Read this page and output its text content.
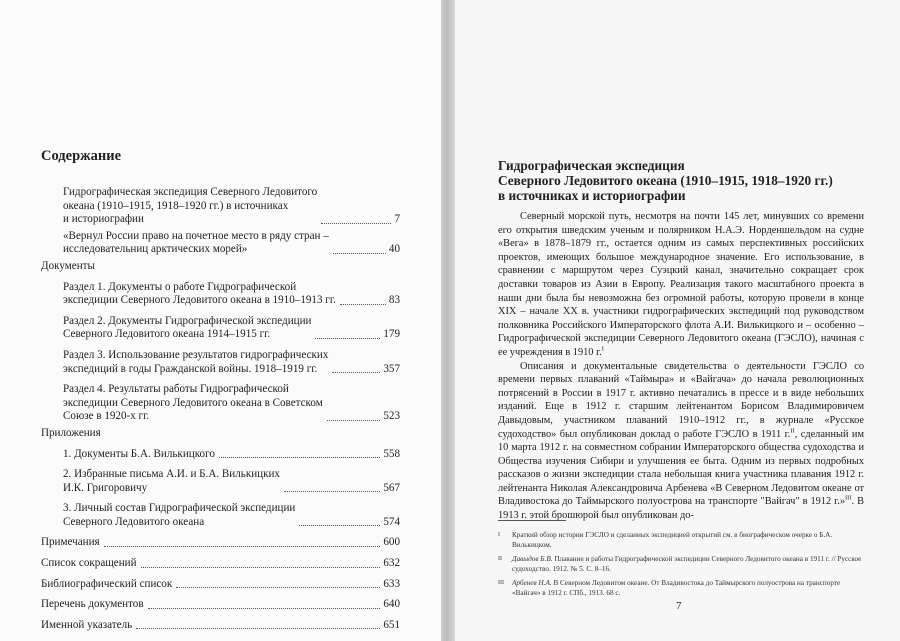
Содержание
Гидрографическая экспедиция Северного Ледовитого
океана (1910–1915, 1918–1920 гг.) в источниках
и историографии	7
«Вернул России право на почетное место в ряду стран –
исследовательниц арктических морей»	40
Документы
Раздел 1. Документы о работе Гидрографической
экспедиции Северного Ледовитого океана в 1910–1913 гг.	83
Раздел 2. Документы Гидрографической экспедиции
Северного Ледовитого океана 1914–1915 гг.	179
Раздел 3. Использование результатов гидрографических
экспедиций в годы Гражданской войны. 1918–1919 гг.	357
Раздел 4. Результаты работы Гидрографической
экспедиции Северного Ледовитого океана в Советском
Союзе в 1920-х гг.	523
Приложения
1. Документы Б.А. Вилькицкого	558
2. Избранные письма А.И. и Б.А. Вилькицких
И.К. Григоровичу	567
3. Личный состав Гидрографической экспедиции
Северного Ледовитого океана	574
Примечания	600
Список сокращений	632
Библиографический список	633
Перечень документов	640
Именной указатель	651
Гидрографическая экспедиция
Северного Ледовитого океана (1910–1915, 1918–1920 гг.)
в источниках и историографии

Северный морской путь, несмотря на почти 145 лет, минувших со времени его открытия шведским ученым и полярником Н.А.Э. Норденшельдом на судне «Вега» в 1878–1879 гг., остается одним из самых перспективных российских проектов, имеющих большое международное значение. Его использование, в сравнении с маршрутом через Суэцкий канал, значительно сокращает срок доставки товаров из Азии в Европу. Реализация такого масштабного проекта в наши дни была бы невозможна без огромной работы, которую провели в конце XIX – начале XX в. участники гидрографических экспедиций под руководством полковника Российского Императорского флота А.И. Вилькицкого и – особенно – Гидрографической экспедиции Северного Ледовитого океана (ГЭСЛО), начиная с ее учреждения в 1910 г.$^I$

Описания и документальные свидетельства о деятельности ГЭСЛО со времени первых плаваний «Таймыра» и «Вайгача» до начала революционных потрясений в России в 1917 г. активно печатались в прессе и в виде небольших изданий. Еще в 1912 г. старшим лейтенантом Борисом Владимировичем Давыдовым, участником плаваний 1910–1912 гг., в журнале «Русское судоходство» был опубликован доклад о работе ГЭСЛО в 1911 г.$^{II}$, сделанный им 10 марта 1912 г. на совместном собрании Императорского общества судоходства и Общества изучения Сибири и улучшения ее быта. Одним из первых подробных рассказов о жизни экспедиции стала небольшая книга участника плавания 1912 г. лейтенанта Николая Александровича Арбенева «В Северном Ледовитом океане от Владивостока до Таймырского полуострова на транспорте "Вайгач" в 1912 г.»$^{III}$. В 1913 г. этой брошюрой был опубликован до-

I	Краткий обзор истории ГЭСЛО и сделанных экспедицией открытий см. в биографическом очерке о Б.А. Вилькицком.
II	Давыдов Б.В. Плавание и работы Гидрографической экспедиции Северного Ледовитого океана в 1911 г. // Русское судоходство. 1912. № 5. С. 8–16.
III	Арбенев Н.А. В Северном Ледовитом океане. От Владивостока до Таймырского полуострова на транспорте «Вайгач» в 1912 г. СПб., 1913. 68 с.
7
